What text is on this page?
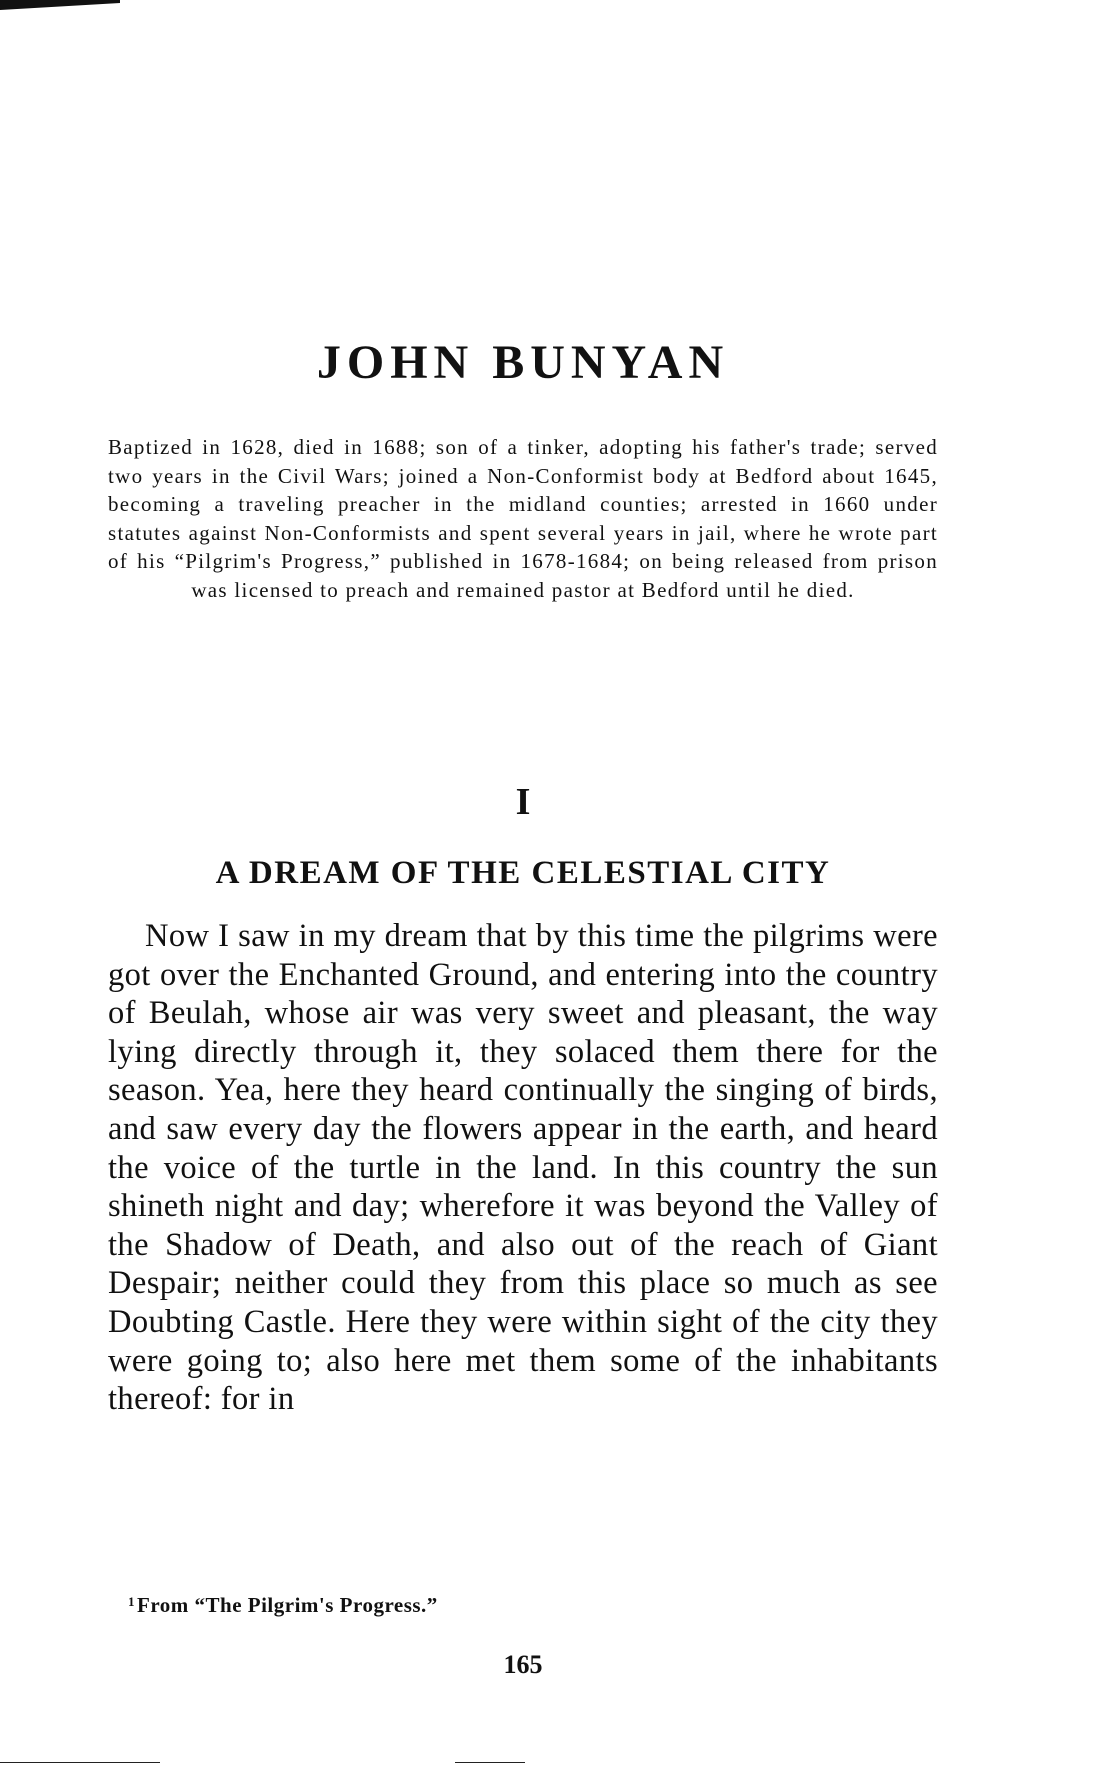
JOHN BUNYAN

Baptized in 1628, died in 1688; son of a tinker, adopting his father's trade; served two years in the Civil Wars; joined a Non-Conformist body at Bedford about 1645, becoming a traveling preacher in the midland counties; arrested in 1660 under statutes against Non-Conformists and spent several years in jail, where he wrote part of his “Pilgrim's Progress,” published in 1678-1684; on being released from prison was licensed to preach and remained pastor at Bedford until he died.

I
A DREAM OF THE CELESTIAL CITY

Now I saw in my dream that by this time the pilgrims were got over the Enchanted Ground, and entering into the country of Beulah, whose air was very sweet and pleasant, the way lying directly through it, they solaced them there for the season. Yea, here they heard continually the singing of birds, and saw every day the flowers appear in the earth, and heard the voice of the turtle in the land. In this country the sun shineth night and day; wherefore it was beyond the Valley of the Shadow of Death, and also out of the reach of Giant Despair; neither could they from this place so much as see Doubting Castle. Here they were within sight of the city they were going to; also here met them some of the inhabitants thereof: for in

$^1$From “The Pilgrim's Progress.”

165
